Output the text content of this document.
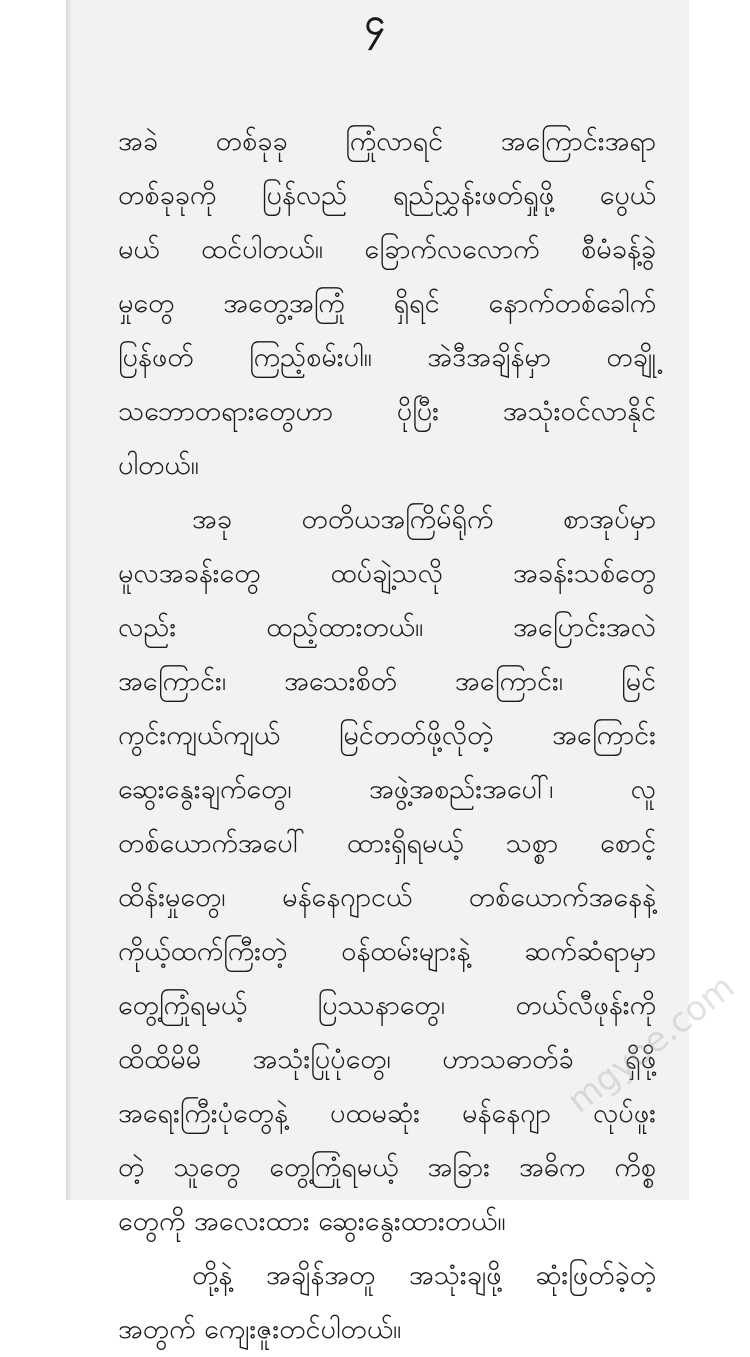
၄
အခဲ တစ်ခုခု ကြုံလာရင် အကြောင်းအရာ
တစ်ခုခုကို ပြန်လည် ရည်ညွှန်းဖတ်ရှုဖို့ ပွေယ်
မယ် ထင်ပါတယ်။ ခြောက်လလောက် စီမံခန့်ခွဲ
မှုတွေ အတွေ့အကြုံ ရှိရင် နောက်တစ်ခေါက်
ပြန်ဖတ် ကြည့်စမ်းပါ။ အဲဒီအချိန်မှာ တချို့
သဘောတရားတွေဟာ ပိုပြီး အသုံးဝင်လာနိုင်
ပါတယ်။
အခု တတိယအကြိမ်ရိုက် စာအုပ်မှာ
မူလအခန်းတွေ ထပ်ချဲ့သလို အခန်းသစ်တွေ
လည်း ထည့်ထားတယ်။ အပြောင်းအလဲ
အကြောင်း၊ အသေးစိတ် အကြောင်း၊ မြင်
ကွင်းကျယ်ကျယ် မြင်တတ်ဖို့လိုတဲ့ အကြောင်း
ဆွေးနွေးချက်တွေ၊ အဖွဲ့အစည်းအပေါ်၊ လူ
တစ်ယောက်အပေါ် ထားရှိရမယ့် သစ္စာ စောင့်
ထိန်းမှုတွေ၊ မန်နေဂျာငယ် တစ်ယောက်အနေနဲ့
ကိုယ့်ထက်ကြီးတဲ့ ဝန်ထမ်းများနဲ့ ဆက်ဆံရာမှာ
တွေ့ကြုံရမယ့် ပြဿနာတွေ၊ တယ်လီဖုန်းကို
ထိထိမိမိ အသုံးပြုပုံတွေ၊ ဟာသဓာတ်ခံ ရှိဖို့
အရေးကြီးပုံတွေနဲ့ ပထမဆုံး မန်နေဂျာ လုပ်ဖူး
တဲ့ သူတွေ တွေ့ကြုံရမယ့် အခြား အဓိက ကိစ္စ
တွေကို အလေးထား ဆွေးနွေးထားတယ်။
တို့နဲ့ အချိန်အတူ အသုံးချဖို့ ဆုံးဖြတ်ခဲ့တဲ့
အတွက် ကျေးဇူးတင်ပါတယ်။
mgyoe.com
